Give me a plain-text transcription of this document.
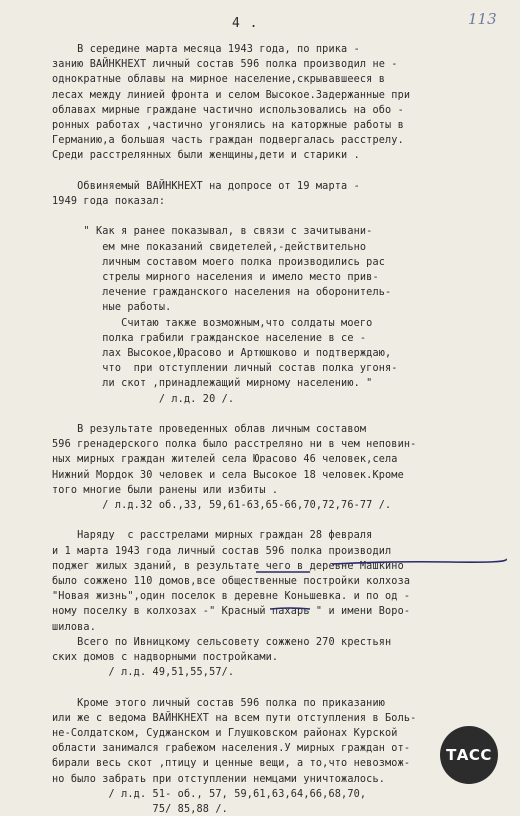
4 .	113
В середине марта месяца 1943 года, по прика -
занию ВАЙНКНЕХТ личный состав 596 полка производил не -
однократные облавы на мирное население,скрывавшееся в
лесах между линией фронта и селом Высокое.Задержанные при
облавах мирные граждане частично использовались на обо -
ронных работах ,частично угонялись на каторжные работы в
Германию,а большая часть граждан подвергалась расстрелу.
Среди расстрелянных были женщины,дети и старики .
Обвиняемый ВАЙНКНЕХТ на допросе от 19 марта -
1949 года показал:
" Как я ранее показывал, в связи с зачитывани-
ем мне показаний свидетелей,-действительно
личным составом моего полка производились рас
стрелы мирного населения и имело место прив-
лечение гражданского населения на оборонитель-
ные работы.
Считаю также возможным,что солдаты моего
полка грабили гражданское население в се -
лах Высокое,Юрасово и Артюшково и подтверждаю,
что  при отступлении личный состав полка угоня-
ли скот ,принадлежащий мирному населению. "
/ л.д. 20 /.
В результате проведенных облав личным составом
596 гренадерского полка было расстреляно ни в чем неповин-
ных мирных граждан жителей села Юрасово 46 человек,села
Нижний Мордок 30 человек и села Высокое 18 человек.Кроме
того многие были ранены или избиты .
/ л.д.32 об.,33, 59,61-63,65-66,70,72,76-77 /.
Наряду  с расстрелами мирных граждан 28 февраля
и 1 марта 1943 года личный состав 596 полка производил
поджег жилых зданий, в результате чего в деревне Машкино
было сожжено 110 домов,все общественные постройки колхоза
"Новая жизнь",один поселок в деревне Коньшевка. и по од -
ному поселку в колхозах -" Красный пахарь " и имени Воро-
шилова.
Всего по Ивницкому сельсовету сожжено 270 крестьян
ских домов с надворными постройками.
/ л.д. 49,51,55,57/.
Кроме этого личный состав 596 полка по приказанию
или же с ведома ВАЙНКНЕХТ на всем пути отступления в Боль-
не-Солдатском, Суджанском и Глушковском районах Курской
области занимался грабежом населения.У мирных граждан от-
бирали весь скот ,птицу и ценные вещи, а то,что невозмож-
но было забрать при отступлении немцами уничтожалось.
/ л.д. 51- об., 57, 59,61,63,64,66,68,70,
75/ 85,88 /.
ТАСС
